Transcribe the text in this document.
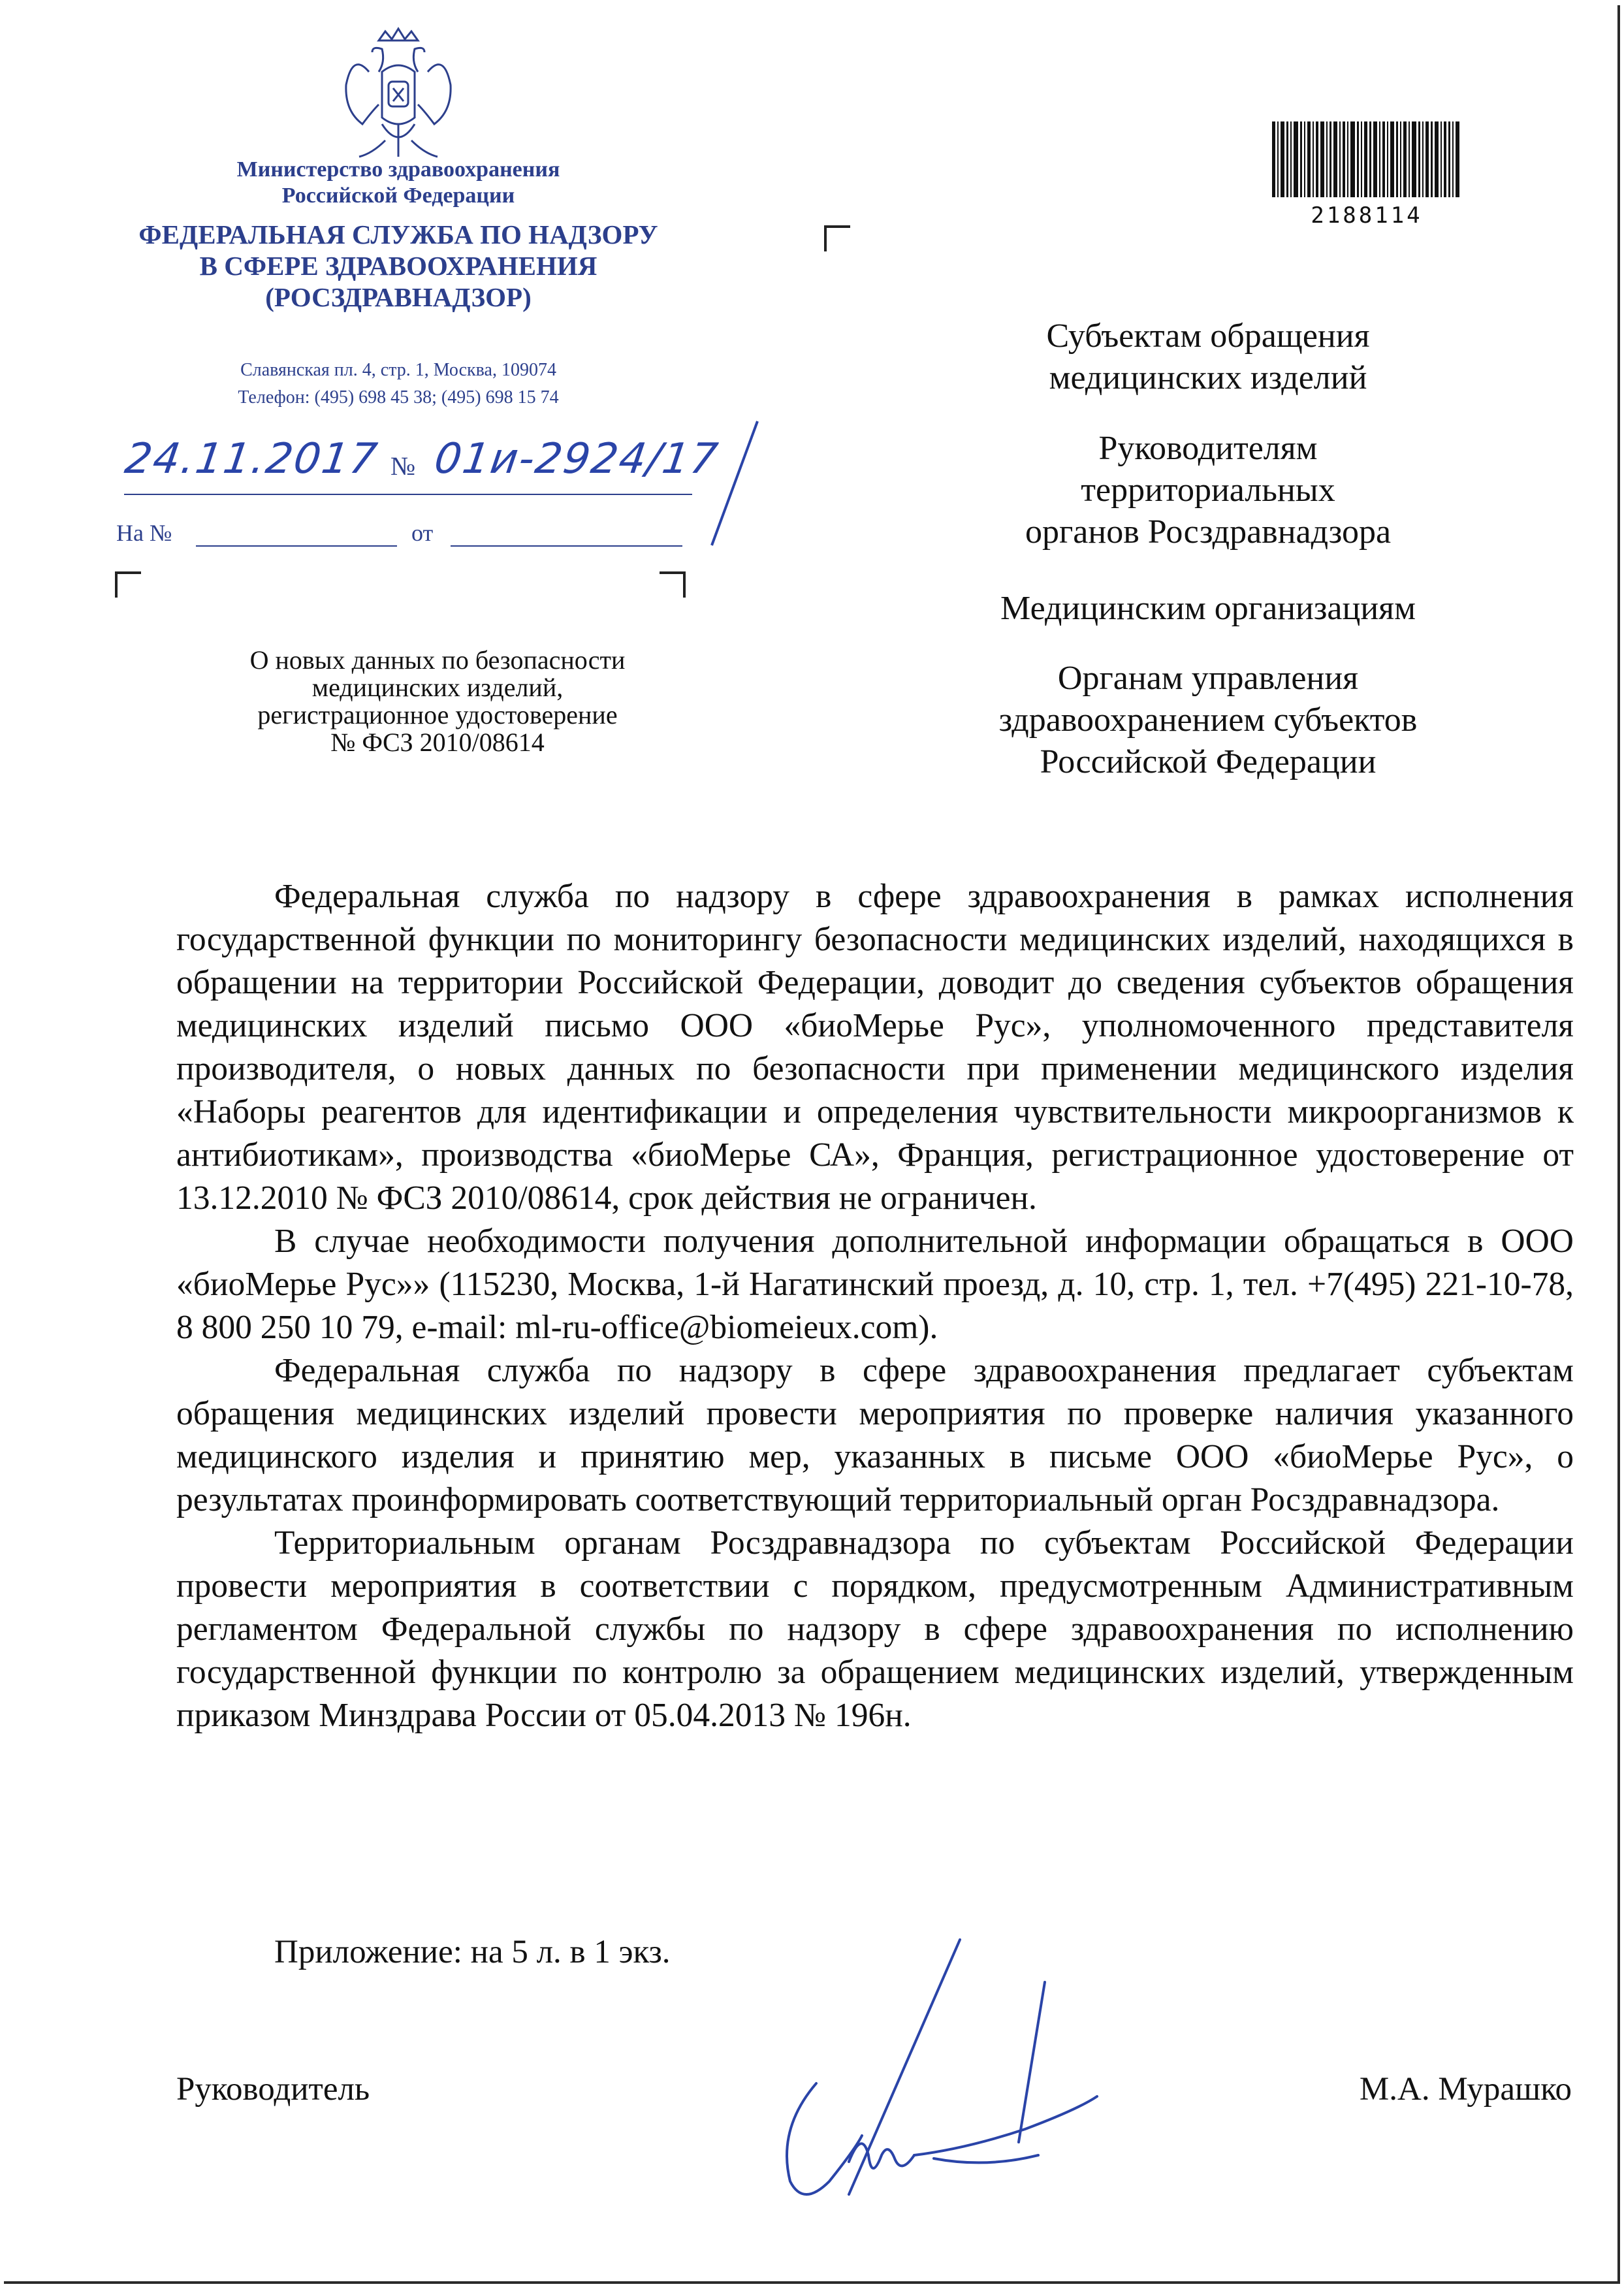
Министерство здравоохранения
Российской Федерации
ФЕДЕРАЛЬНАЯ СЛУЖБА ПО НАДЗОРУ
В СФЕРЕ ЗДРАВООХРАНЕНИЯ
(РОСЗДРАВНАДЗОР)
Славянская пл. 4, стр. 1, Москва, 109074
Телефон: (495) 698 45 38; (495) 698 15 74
24.11.2017 № 01и-2924/17
На №	от
2188114
Субъектам обращения
медицинских изделий
Руководителям
территориальных
органов Росздравнадзора
Медицинским организациям
Органам управления
здравоохранением субъектов
Российской Федерации
О новых данных по безопасности
медицинских изделий,
регистрационное удостоверение
№ ФСЗ 2010/08614

Федеральная служба по надзору в сфере здравоохранения в рамках исполнения государственной функции по мониторингу безопасности медицинских изделий, находящихся в обращении на территории Российской Федерации, доводит до сведения субъектов обращения медицинских изделий письмо ООО «биоМерье Рус», уполномоченного представителя производителя, о новых данных по безопасности при применении медицинского изделия «Наборы реагентов для идентификации и определения чувствительности микроорганизмов к антибиотикам», производства «биоМерье СА», Франция, регистрационное удостоверение от 13.12.2010 № ФСЗ 2010/08614, срок действия не ограничен.

В случае необходимости получения дополнительной информации обращаться в ООО «биоМерье Рус»» (115230, Москва, 1-й Нагатинский проезд, д. 10, стр. 1, тел. +7(495) 221-10-78, 8 800 250 10 79, e-mail: ml-ru-office@biomeieux.com).

Федеральная служба по надзору в сфере здравоохранения предлагает субъектам обращения медицинских изделий провести мероприятия по проверке наличия указанного медицинского изделия и принятию мер, указанных в письме ООО «биоМерье Рус», о результатах проинформировать соответствующий территориальный орган Росздравнадзора.

Территориальным органам Росздравнадзора по субъектам Российской Федерации провести мероприятия в соответствии с порядком, предусмотренным Административным регламентом Федеральной службы по надзору в сфере здравоохранения по исполнению государственной функции по контролю за обращением медицинских изделий, утвержденным приказом Минздрава России от 05.04.2013 № 196н.

Приложение: на 5 л. в 1 экз.
Руководитель	М.А. Мурашко
